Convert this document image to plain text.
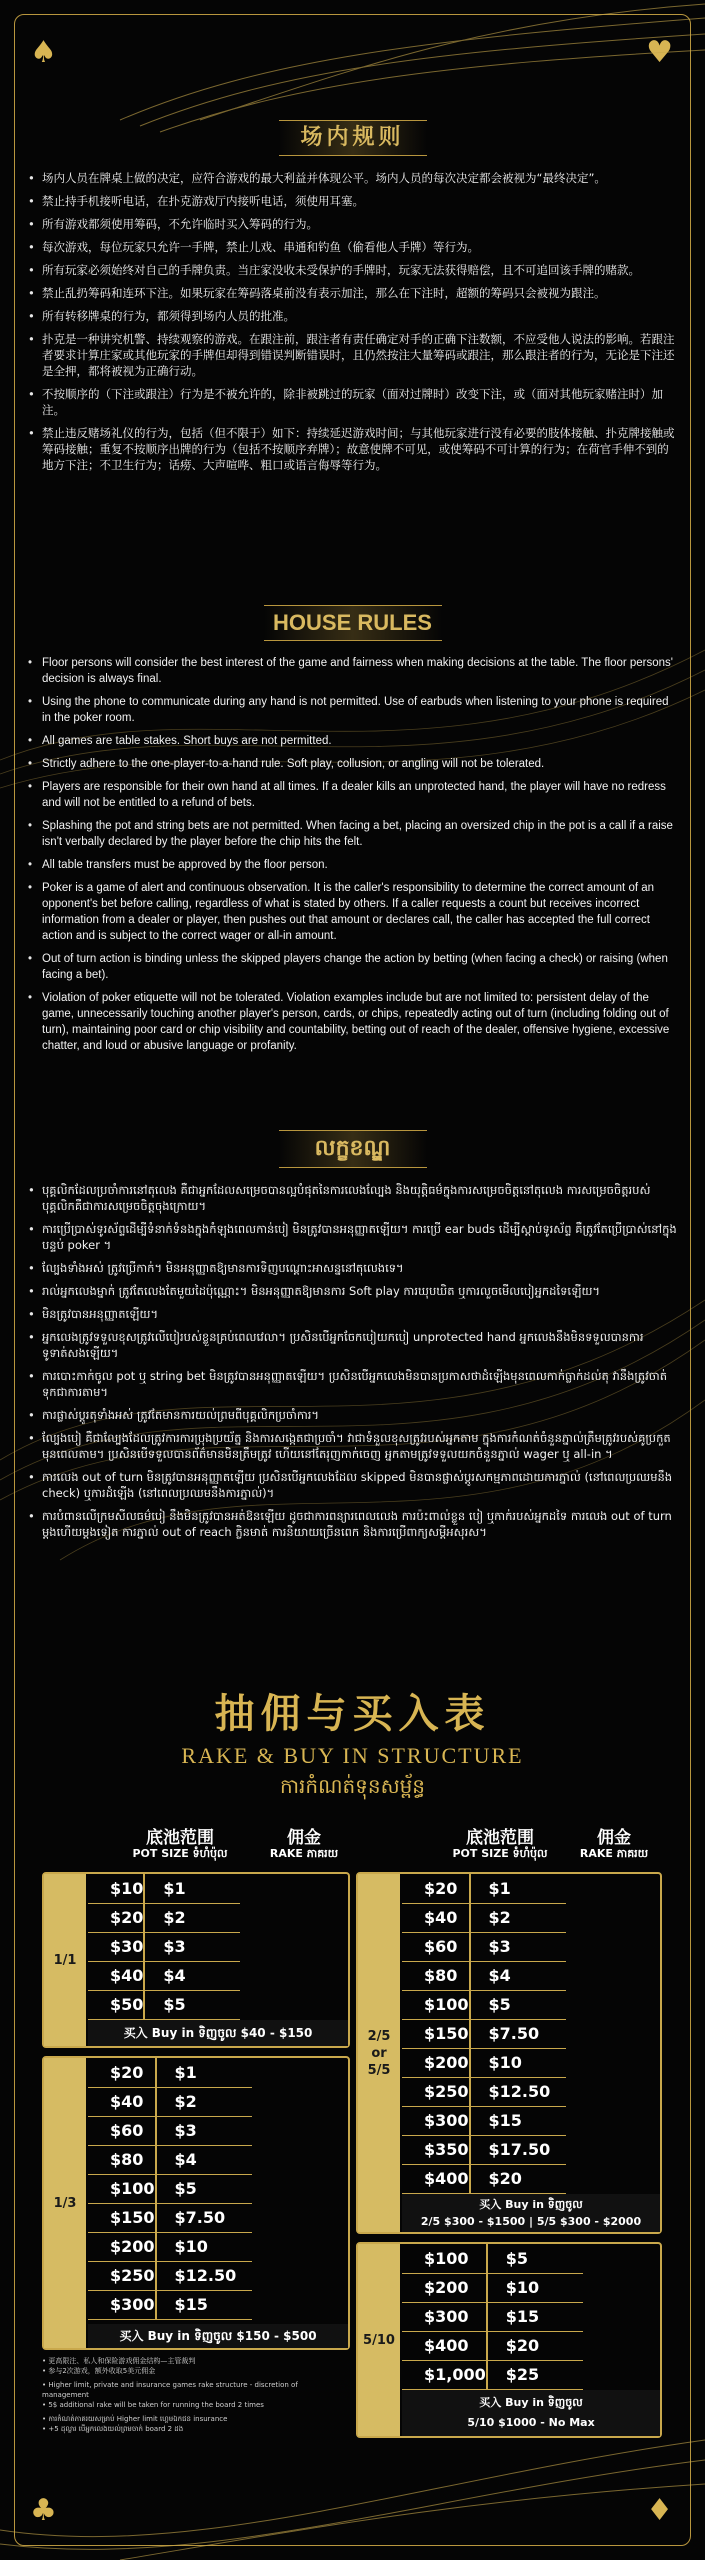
♠	♥
♣	♦
场内规则
• 场内人员在牌桌上做的决定，应符合游戏的最大利益并体现公平。场内人员的每次决定都会被视为“最终决定”。
• 禁止持手机接听电话，在扑克游戏厅内接听电话，须使用耳塞。
• 所有游戏都须使用筹码，不允许临时买入筹码的行为。
• 每次游戏，每位玩家只允许一手牌，禁止儿戏、串通和钓鱼（偷看他人手牌）等行为。
• 所有玩家必须始终对自己的手牌负责。当庄家没收未受保护的手牌时，玩家无法获得赔偿，且不可追回该手牌的赌款。
• 禁止乱扔筹码和连环下注。如果玩家在筹码落桌前没有表示加注，那么在下注时，超额的筹码只会被视为跟注。
• 所有转移牌桌的行为，都须得到场内人员的批准。
• 扑克是一种讲究机警、持续观察的游戏。在跟注前，跟注者有责任确定对手的正确下注数额，不应受他人说法的影响。若跟注者要求计算庄家或其他玩家的手牌但却得到错误判断错误时，且仍然按注大量筹码或跟注，那么跟注者的行为，无论是下注还是全押，都将被视为正确行动。
• 不按顺序的（下注或跟注）行为是不被允许的，除非被跳过的玩家（面对过牌时）改变下注，或（面对其他玩家赌注时）加注。
• 禁止违反赌场礼仪的行为，包括（但不限于）如下：持续延迟游戏时间；与其他玩家进行没有必要的肢体接触、扑克牌接触或筹码接触；重复不按顺序出牌的行为（包括不按顺序弃牌）；故意使牌不可见，或使筹码不可计算的行为；在荷官手伸不到的地方下注；不卫生行为；话痨、大声喧哗、粗口或语言侮辱等行为。
HOUSE RULES
• Floor persons will consider the best interest of the game and fairness when making decisions at the table. The floor persons' decision is always final.
• Using the phone to communicate during any hand is not permitted. Use of earbuds when listening to your phone is required in the poker room.
• All games are table stakes. Short buys are not permitted.
• Strictly adhere to the one-player-to-a-hand rule. Soft play, collusion, or angling will not be tolerated.
• Players are responsible for their own hand at all times. If a dealer kills an unprotected hand, the player will have no redress and will not be entitled to a refund of bets.
• Splashing the pot and string bets are not permitted. When facing a bet, placing an oversized chip in the pot is a call if a raise isn't verbally declared by the player before the chip hits the felt.
• All table transfers must be approved by the floor person.
• Poker is a game of alert and continuous observation. It is the caller's responsibility to determine the correct amount of an opponent's bet before calling, regardless of what is stated by others. If a caller requests a count but receives incorrect information from a dealer or player, then pushes out that amount or declares call, the caller has accepted the full correct action and is subject to the correct wager or all-in amount.
• Out of turn action is binding unless the skipped players change the action by betting (when facing a check) or raising (when facing a bet).
• Violation of poker etiquette will not be tolerated. Violation examples include but are not limited to: persistent delay of the game, unnecessarily touching another player's person, cards, or chips, repeatedly acting out of turn (including folding out of turn), maintaining poor card or chip visibility and countability, betting out of reach of the dealer, offensive hygiene, excessive chatter, and loud or abusive language or profanity.
លក្ខខណ្ឌ
• បុគ្គលិកដែលប្រចាំការនៅតុលេង គឺជាអ្នកដែលសម្រេចបានល្អបំផុតនៃការលេងល្បែង និងយុត្តិធម៌ក្នុងការសម្រេចចិត្តនៅតុលេង ការសម្រេចចិត្តរបស់បុគ្គលិកគឺជាការសម្រេចចិត្តចុងក្រោយ។
• ការប្រើប្រាស់ទូរស័ព្ទដើម្បីទំនាក់ទំនងក្នុងកំឡុងពេលកាន់បៀ មិនត្រូវបានអនុញ្ញាតឡើយ។ ការប្រើ ear buds ដើម្បីស្តាប់ទូរស័ព្ទ គឺត្រូវតែប្រើប្រាស់នៅក្នុងបន្ទប់ poker ។
• ល្បែងទាំងអស់ ត្រូវប្រើកាក់។ មិនអនុញ្ញាតឱ្យមានការទិញបណ្តោះអាសន្ននៅតុលេងទេ។
• រាល់អ្នកលេងម្នាក់ ត្រូវតែលេងតែមួយដៃប៉ុណ្ណោះ។ មិនអនុញ្ញាតឱ្យមានការ Soft play ការឃុបឃិត ឬការលួចមើលបៀអ្នកដទៃឡើយ។
• មិនត្រូវបានអនុញ្ញាតឡើយ។
• អ្នកលេងត្រូវទទួលខុសត្រូវលើបៀរបស់ខ្លួនគ្រប់ពេលវេលា។ ប្រសិនបើអ្នកចែកបៀយកបៀ unprotected hand អ្នកលេងនឹងមិនទទួលបានការទូទាត់សងឡើយ។
• ការបោះកាក់ចូល pot ឬ string bet មិនត្រូវបានអនុញ្ញាតឡើយ។ ប្រសិនបើអ្នកលេងមិនបានប្រកាសថាដំឡើងមុនពេលកាក់ធ្លាក់ដល់តុ វានឹងត្រូវចាត់ទុកជាការតាម។
• ការផ្លាស់ប្តូរតុទាំងអស់ ត្រូវតែមានការយល់ព្រមពីបុគ្គលិកប្រចាំការ។
• ល្បែងបៀ គឺជាល្បែងដែលត្រូវការការប្រុងប្រយ័ត្ន និងការសង្កេតជាប្រចាំ។ វាជាទំនួលខុសត្រូវរបស់អ្នកតាម ក្នុងការកំណត់ចំនួនភ្នាល់ត្រឹមត្រូវរបស់គូប្រកួតមុនពេលតាម។ ប្រសិនបើទទួលបានព័ត៌មានមិនត្រឹមត្រូវ ហើយនៅតែរុញកាក់ចេញ អ្នកតាមត្រូវទទួលយកចំនួនភ្នាល់ wager ឬ all-in ។
• ការលេង out of turn មិនត្រូវបានអនុញ្ញាតឡើយ ប្រសិនបើអ្នកលេងដែល skipped មិនបានផ្លាស់ប្តូរសកម្មភាពដោយការភ្នាល់ (នៅពេលប្រឈមនឹង check) ឬការដំឡើង (នៅពេលប្រឈមនឹងការភ្នាល់)។
• ការបំពានលើក្រមសីលធម៌បៀ នឹងមិនត្រូវបានអត់ឱនឡើយ ដូចជាការពន្យារពេលលេង ការប៉ះពាល់ខ្លួន បៀ ឬកាក់របស់អ្នកដទៃ ការលេង out of turn ម្តងហើយម្តងទៀត ការភ្នាល់ out of reach ក្លិនមាត់ ការនិយាយច្រើនពេក និងការប្រើពាក្យសម្តីអសុរស។
抽佣与买入表
RAKE & BUY IN STRUCTURE
ការកំណត់ទុនសម្ព័ន្ធ
底池范围
POT SIZE ទំហំប៉ុល
佣金
RAKE ភាគរយ
底池范围
POT SIZE ទំហំប៉ុល
佣金
RAKE ភាគរយ
1/1
$10	$1
$20	$2
$30	$3
$40	$4
$50	$5
买入 Buy in ទិញចូល $40 - $150
1/3
$20	$1
$40	$2
$60	$3
$80	$4
$100	$5
$150	$7.50
$200	$10
$250	$12.50
$300	$15
买入 Buy in ទិញចូល $150 - $500
2/5
or
5/5
$20	$1
$40	$2
$60	$3
$80	$4
$100	$5
$150	$7.50
$200	$10
$250	$12.50
$300	$15
$350	$17.50
$400	$20
买入 Buy in ទិញចូល
2/5 $300 - $1500 | 5/5 $300 - $2000
5/10
$100	$5
$200	$10
$300	$15
$400	$20
$1,000	$25
买入 Buy in ទិញចូល
5/10 $1000 - No Max
• 更高限注、私人和保险游戏佣金结构—主管裁判
• 参与2次游戏，额外收取5美元佣金
• Higher limit, private and insurance games rake structure - discretion of management
• 5$ additional rake will be taken for running the board 2 times
• ការកំណត់ភាគរយសម្រាប់ Higher limit ហ្គេមឯកជន insurance
• +5 ដុល្លារ បើអ្នកលេងយល់ព្រមចាក់ board 2 ដង
